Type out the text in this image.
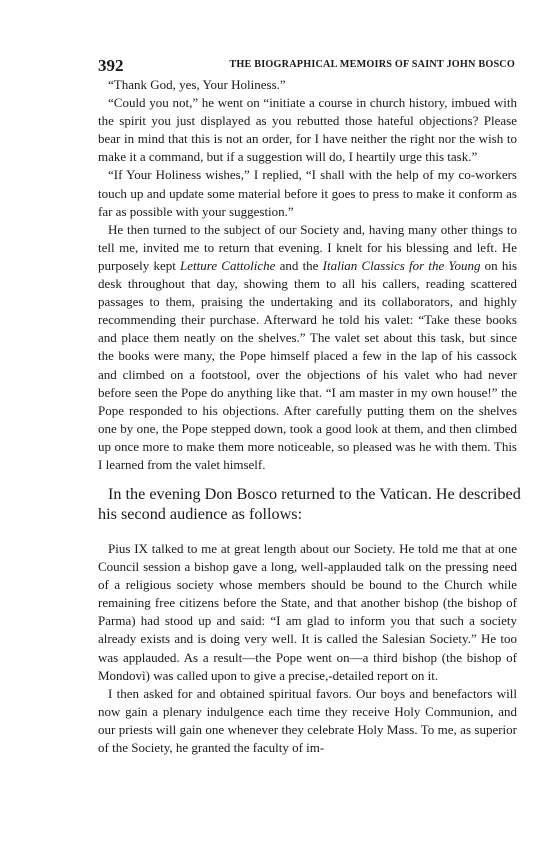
392	THE BIOGRAPHICAL MEMOIRS OF SAINT JOHN BOSCO

“Thank God, yes, Your Holiness.”

“Could you not,” he went on “initiate a course in church history, imbued with the spirit you just displayed as you rebutted those hateful objections? Please bear in mind that this is not an order, for I have neither the right nor the wish to make it a command, but if a suggestion will do, I heartily urge this task.”

“If Your Holiness wishes,” I replied, “I shall with the help of my co-workers touch up and update some material before it goes to press to make it conform as far as possible with your suggestion.”

He then turned to the subject of our Society and, having many other things to tell me, invited me to return that evening. I knelt for his blessing and left. He purposely kept Letture Cattoliche and the Italian Classics for the Young on his desk throughout that day, showing them to all his callers, reading scattered passages to them, praising the undertaking and its collaborators, and highly recommending their purchase. Afterward he told his valet: “Take these books and place them neatly on the shelves.” The valet set about this task, but since the books were many, the Pope himself placed a few in the lap of his cassock and climbed on a footstool, over the objections of his valet who had never before seen the Pope do anything like that. “I am master in my own house!” the Pope responded to his objections. After carefully putting them on the shelves one by one, the Pope stepped down, took a good look at them, and then climbed up once more to make them more noticeable, so pleased was he with them. This I learned from the valet himself.

In the evening Don Bosco returned to the Vatican. He described his second audience as follows:

Pius IX talked to me at great length about our Society. He told me that at one Council session a bishop gave a long, well-applauded talk on the pressing need of a religious society whose members should be bound to the Church while remaining free citizens before the State, and that another bishop (the bishop of Parma) had stood up and said: “I am glad to inform you that such a society already exists and is doing very well. It is called the Salesian Society.” He too was applauded. As a result—the Pope went on—a third bishop (the bishop of Mondovì) was called upon to give a precise,-detailed report on it.

I then asked for and obtained spiritual favors. Our boys and benefactors will now gain a plenary indulgence each time they receive Holy Communion, and our priests will gain one whenever they celebrate Holy Mass. To me, as superior of the Society, he granted the faculty of im-
